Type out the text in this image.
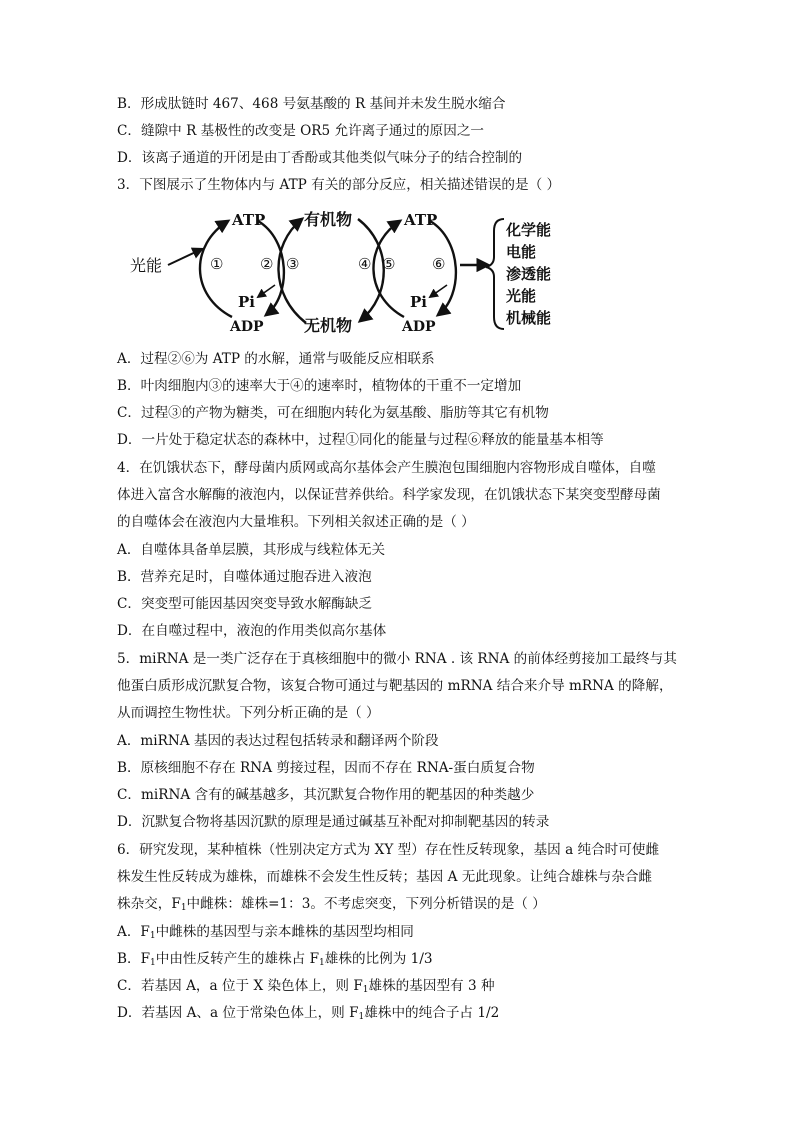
B．形成肽链时 467、468 号氨基酸的 R 基间并未发生脱水缩合
C．缝隙中 R 基极性的改变是 OR5 允许离子通过的原因之一
D．该离子通道的开闭是由丁香酚或其他类似气味分子的结合控制的
3．下图展示了生物体内与 ATP 有关的部分反应，相关描述错误的是（ ）
光能
ATP
Pi
ADP
① ②
有机物
无机物
③	④
ATP
Pi
ADP
⑤ ⑥
化学能
电能
渗透能
光能
机械能
A．过程②⑥为 ATP 的水解，通常与吸能反应相联系
B．叶肉细胞内③的速率大于④的速率时，植物体的干重不一定增加
C．过程③的产物为糖类，可在细胞内转化为氨基酸、脂肪等其它有机物
D．一片处于稳定状态的森林中，过程①同化的能量与过程⑥释放的能量基本相等
4．在饥饿状态下，酵母菌内质网或高尔基体会产生膜泡包围细胞内容物形成自噬体，自噬
体进入富含水解酶的液泡内，以保证营养供给。科学家发现，在饥饿状态下某突变型酵母菌
的自噬体会在液泡内大量堆积。下列相关叙述正确的是（ ）
A．自噬体具备单层膜，其形成与线粒体无关
B．营养充足时，自噬体通过胞吞进入液泡
C．突变型可能因基因突变导致水解酶缺乏
D．在自噬过程中，液泡的作用类似高尔基体
5．miRNA 是一类广泛存在于真核细胞中的微小 RNA . 该 RNA 的前体经剪接加工最终与其
他蛋白质形成沉默复合物，该复合物可通过与靶基因的 mRNA 结合来介导 mRNA 的降解，
从而调控生物性状。下列分析正确的是（ ）
A．miRNA 基因的表达过程包括转录和翻译两个阶段
B．原核细胞不存在 RNA 剪接过程，因而不存在 RNA-蛋白质复合物
C．miRNA 含有的碱基越多，其沉默复合物作用的靶基因的种类越少
D．沉默复合物将基因沉默的原理是通过碱基互补配对抑制靶基因的转录
6．研究发现，某种植株（性别决定方式为 XY 型）存在性反转现象，基因 a 纯合时可使雌
株发生性反转成为雄株，而雄株不会发生性反转；基因 A 无此现象。让纯合雄株与杂合雌
株杂交，$F_1$中雌株：雄株=1：3。不考虑突变，下列分析错误的是（ ）
A．$F_1$中雌株的基因型与亲本雌株的基因型均相同
B．$F_1$中由性反转产生的雄株占 $F_1$雄株的比例为 1/3
C．若基因 A，a 位于 X 染色体上，则 $F_1$雄株的基因型有 3 种
D．若基因 A、a 位于常染色体上，则 $F_1$雄株中的纯合子占 1/2
